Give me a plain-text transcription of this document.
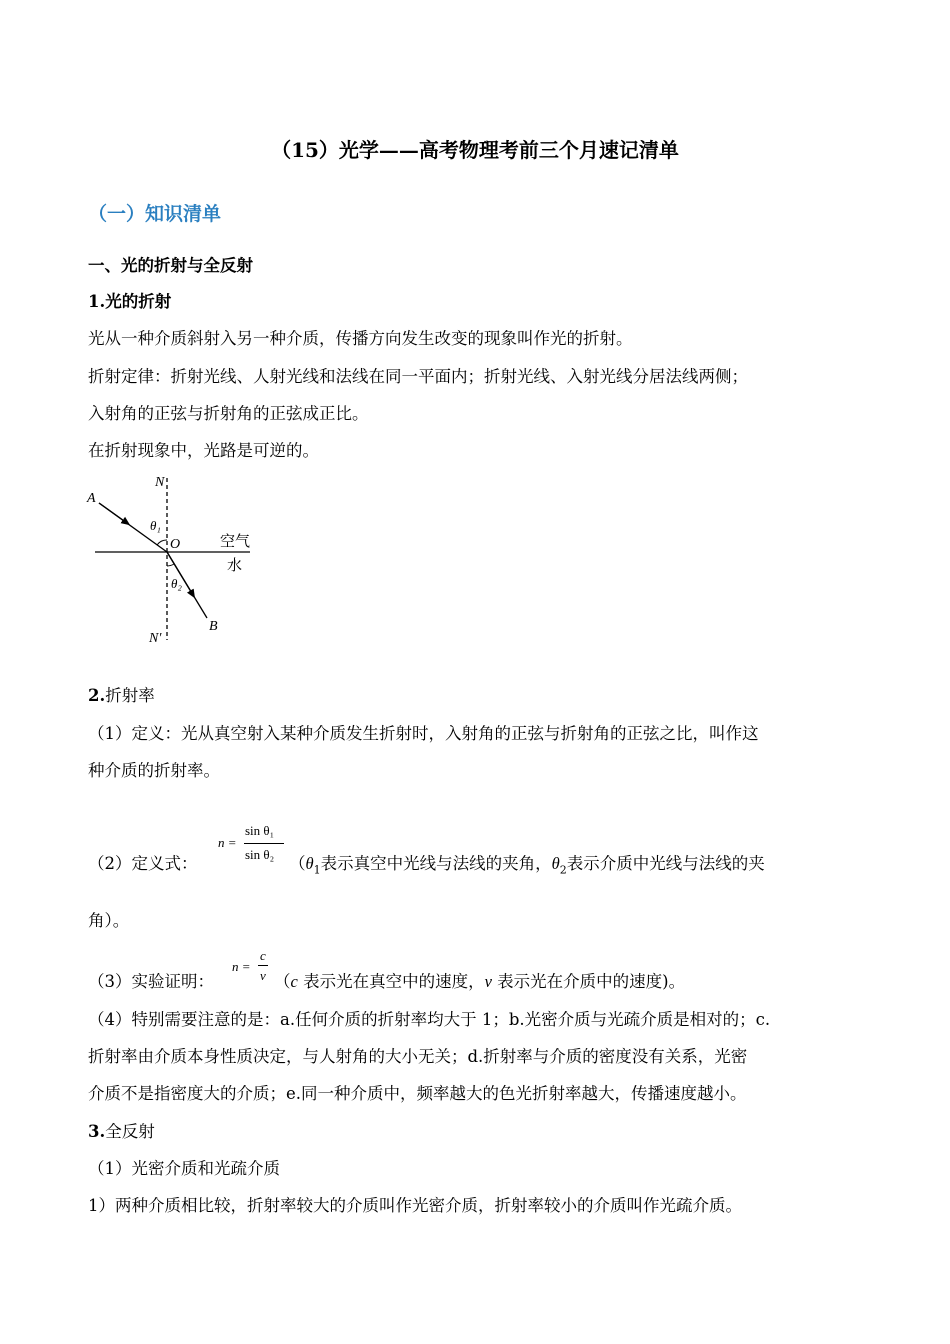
（15）光学——高考物理考前三个月速记清单
（一）知识清单
一、光的折射与全反射
1.光的折射
光从一种介质斜射入另一种介质，传播方向发生改变的现象叫作光的折射。
折射定律：折射光线、人射光线和法线在同一平面内；折射光线、入射光线分居法线两侧；
入射角的正弦与折射角的正弦成正比。
在折射现象中，光路是可逆的。
A
N
θ₁
O	空气
水
θ₂
B
N′
2.折射率
（1）定义：光从真空射入某种介质发生折射时，入射角的正弦与折射角的正弦之比，叫作这
种介质的折射率。
n =
sin θ₁
sin θ₂
（2）定义式：	（$\theta_1$表示真空中光线与法线的夹角，$\theta_2$表示介质中光线与法线的夹
角）。
n =
c
v
（3）实验证明：	（c 表示光在真空中的速度，v 表示光在介质中的速度)。
（4）特别需要注意的是：a.任何介质的折射率均大于 1；b.光密介质与光疏介质是相对的；c.
折射率由介质本身性质决定，与人射角的大小无关；d.折射率与介质的密度没有关系，光密
介质不是指密度大的介质；e.同一种介质中，频率越大的色光折射率越大，传播速度越小。
3.全反射
（1）光密介质和光疏介质
1）两种介质相比较，折射率较大的介质叫作光密介质，折射率较小的介质叫作光疏介质。
